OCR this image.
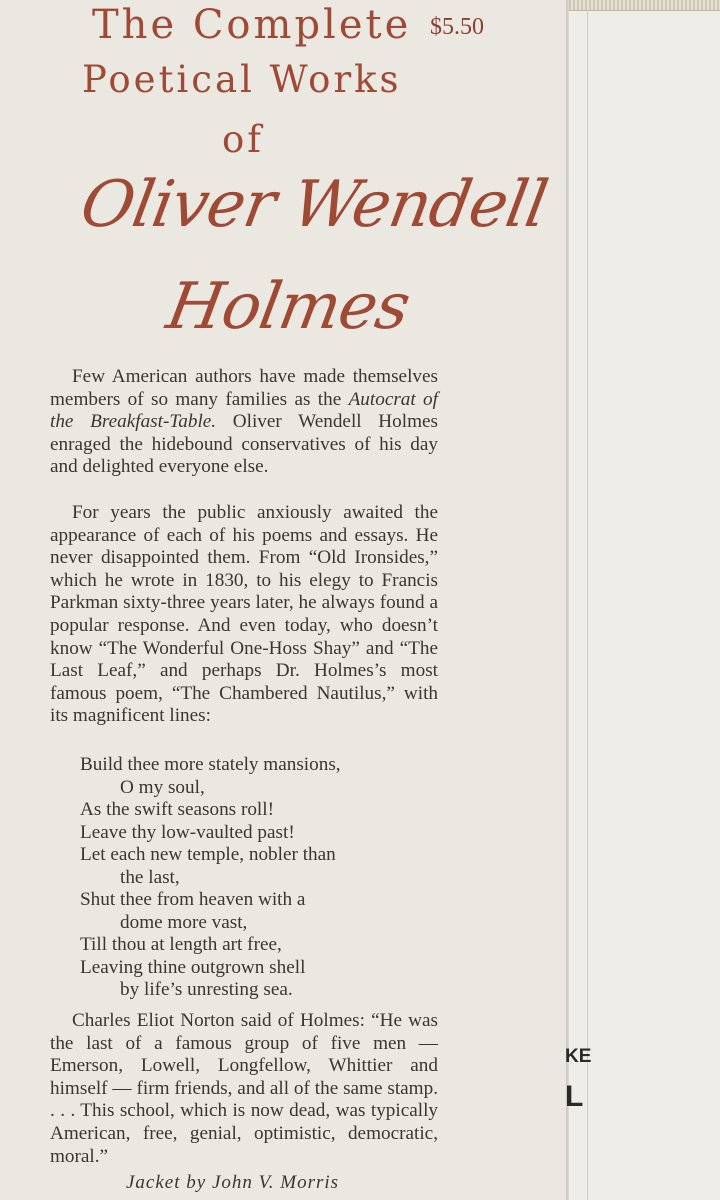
The Complete $5.50
Poetical Works
of
Oliver Wendell
Holmes

Few American authors have made themselves members of so many families as the Autocrat of the Breakfast-Table. Oliver Wendell Holmes enraged the hidebound conservatives of his day and delighted everyone else.

For years the public anxiously awaited the appearance of each of his poems and essays. He never disappointed them. From “Old Ironsides,” which he wrote in 1830, to his elegy to Francis Parkman sixty-three years later, he always found a popular response. And even today, who doesn’t know “The Wonderful One-Hoss Shay” and “The Last Leaf,” and perhaps Dr. Holmes’s most famous poem, “The Chambered Nautilus,” with its magnificent lines:

Build thee more stately mansions,
O my soul,
As the swift seasons roll!
Leave thy low-vaulted past!
Let each new temple, nobler than
the last,
Shut thee from heaven with a
dome more vast,
Till thou at length art free,
Leaving thine outgrown shell
by life’s unresting sea.

Charles Eliot Norton said of Holmes: “He was the last of a famous group of five men — Emerson, Lowell, Longfellow, Whittier and himself — firm friends, and all of the same stamp. . . . This school, which is now dead, was typically American, free, genial, optimistic, democratic, moral.”

Jacket by John V. Morris
KE
L
